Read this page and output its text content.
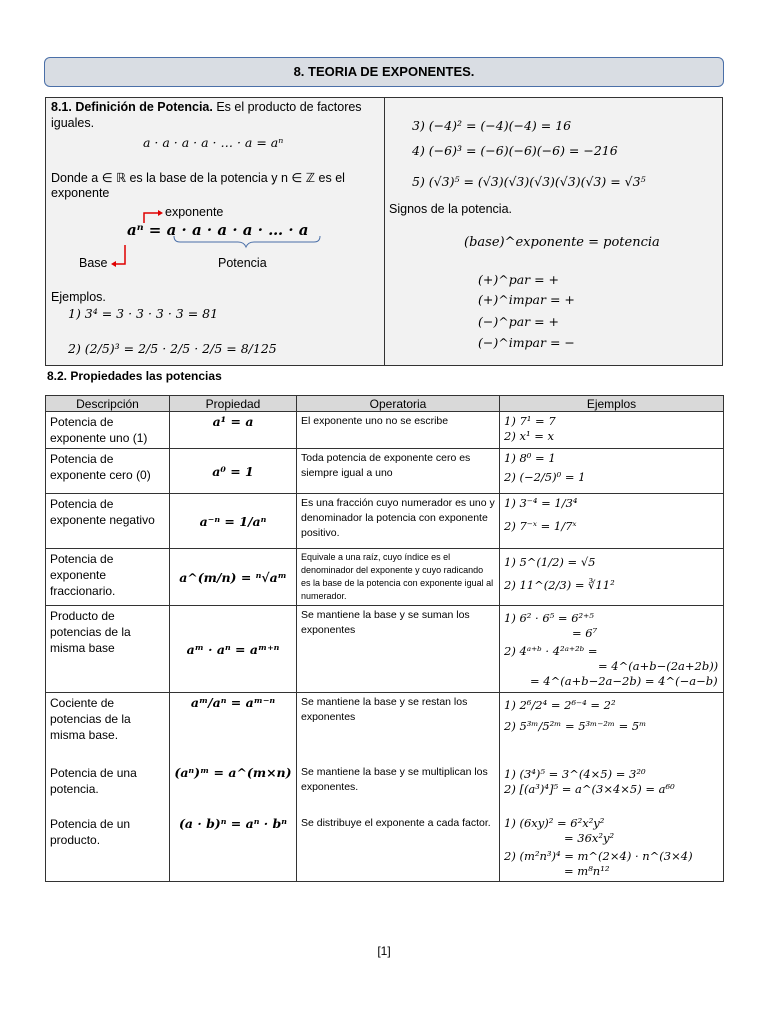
8. TEORIA DE EXPONENTES.
8.1. Definición de Potencia. Es el producto de factores
iguales.
a · a · a · a · … · a = aⁿ
Donde a ∈ ℝ es la base de la potencia y n ∈ ℤ es el
exponente
exponente
aⁿ = a · a · a · a · … · a
Base	Potencia
Ejemplos.
1) 3⁴ = 3 · 3 · 3 · 3 = 81
2) (2/5)³ = 2/5 · 2/5 · 2/5 = 8/125
3) (−4)² = (−4)(−4) = 16
4) (−6)³ = (−6)(−6)(−6) = −216
5) (√3)⁵ = (√3)(√3)(√3)(√3)(√3) = √3⁵
Signos de la potencia.
(base)^exponente = potencia
(+)^par = +
(+)^impar = +
(−)^par = +
(−)^impar = −
8.2. Propiedades las potencias
Descripción	Propiedad	Operatoria	Ejemplos
Potencia de exponente uno (1)	a¹ = a	El exponente uno no se escribe	1) 7¹ = 7
2) x¹ = x

Potencia de exponente cero (0)	a⁰ = 1	Toda potencia de exponente cero es siempre igual a uno	1) 8⁰ = 1
2) (−2/5)⁰ = 1

Potencia de exponente negativo	a⁻ⁿ = 1/aⁿ	Es una fracción cuyo numerador es uno y denominador la potencia con exponente positivo.	1) 3⁻⁴ = 1/3⁴
2) 7⁻ˣ = 1/7ˣ

Potencia de exponente fraccionario.	a^(m/n) = ⁿ√aᵐ	Equivale a una raíz, cuyo índice es el denominador del exponente y cuyo radicando es la base de la potencia con exponente igual al numerador.	1) 5^(1/2) = √5
2) 11^(2/3) = ∛11²

Producto de potencias de la misma base	aᵐ · aⁿ = aᵐ⁺ⁿ	Se mantiene la base y se suman los exponentes	1) 6² · 6⁵ = 6²⁺⁵
= 6⁷
2) 4ᵃ⁺ᵇ · 4²ᵃ⁺²ᵇ =
= 4^(a+b−(2a+2b))
= 4^(a+b−2a−2b) = 4^(−a−b)

Cociente de potencias de la misma base.	aᵐ/aⁿ = aᵐ⁻ⁿ	Se mantiene la base y se restan los exponentes	1) 2⁶/2⁴ = 2⁶⁻⁴ = 2²
2) 5³ᵐ/5²ᵐ = 5³ᵐ⁻²ᵐ = 5ᵐ

Potencia de una potencia.	(aⁿ)ᵐ = a^(m×n)	Se mantiene la base y se multiplican los exponentes.	1) (3⁴)⁵ = 3^(4×5) = 3²⁰
2) [(a³)⁴]⁵ = a^(3×4×5) = a⁶⁰

Potencia de un producto.	(a · b)ⁿ = aⁿ · bⁿ	Se distribuye el exponente a cada factor.	1) (6xy)² = 6²x²y²
= 36x²y²
2) (m²n³)⁴ = m^(2×4) · n^(3×4)
= m⁸n¹²
[1]
